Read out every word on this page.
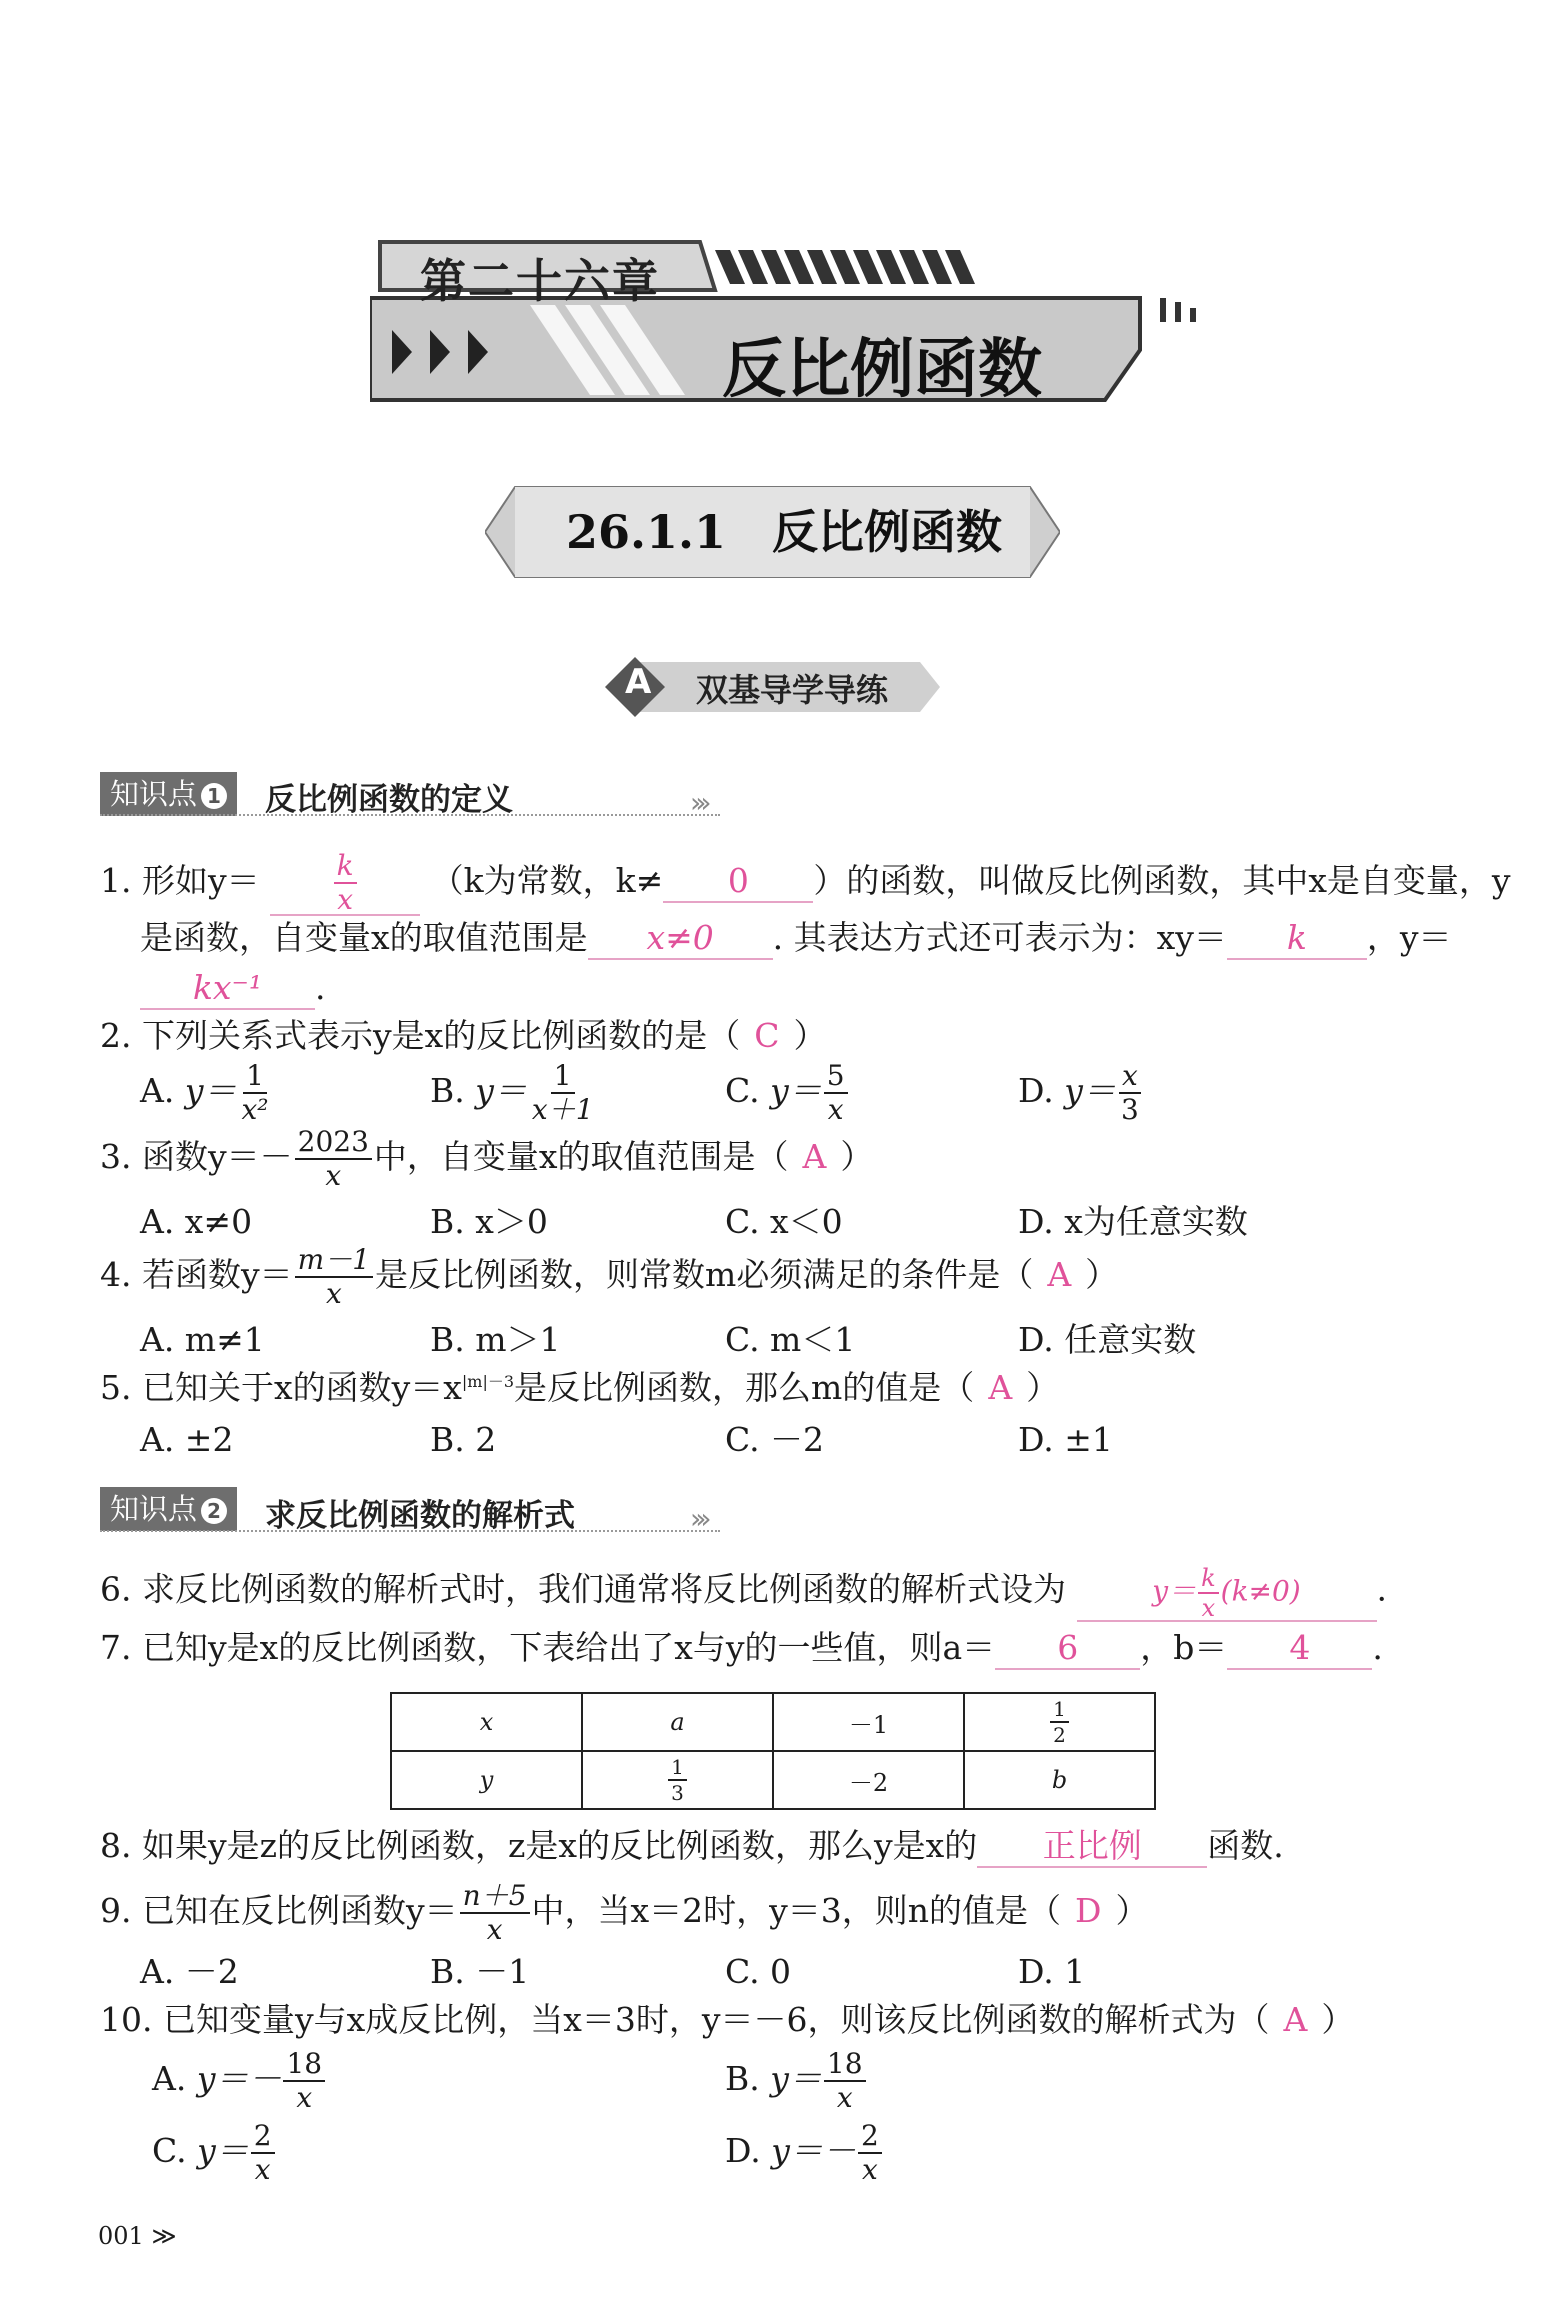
第二十六章
反比例函数
26.1.1　反比例函数
A 双基导学导练
知识点 1	反比例函数的定义	›››
1. 形如y＝	$\frac{k}{x} (k$为常数，k≠ 0 ）的函数，叫做反比例函数，其中x是自变量，y
是函数，自变量x的取值范围是 x≠0 . 其表达方式还可表示为：xy＝ k ，y＝
kx⁻¹ .
2. 下列关系式表示y是x的反比例函数的是（ C ）
A. $y= \frac{1}{\text{x²}}$	B. $y= \frac{1}{x+1}$	C. $y= \frac{5}{x}$	D. $y= \frac{x}{3}$
3. 函数$y=- \frac{2023}{x}$ 中，自变量x的取值范围是（ A ）
A. x≠0	B. x＞0	C. x＜0	D. x为任意实数
4. 若函数$y= \frac{m-1}{x}$ 是反比例函数，则常数m必须满足的条件是（ A ）
A. m≠1	B. m＞1	C. m＜1	D. 任意实数
5. 已知关于x的函数$y=x^{|m|-3}$是反比例函数，那么m的值是（ A ）
A. ±2	B. 2	C. －2	D. ±1
知识点 2	求反比例函数的解析式	›››
6. 求反比例函数的解析式时，我们通常将反比例函数的解析式设为	$y= \frac{k}{x} (k\ne 0)$ .
7. 已知y是x的反比例函数，下表给出了x与y的一些值，则a＝ 6 ，b＝ 4 .
x	a	－1	$\frac{1}{2}$

y	$\frac{1}{3}$	－2	b
8. 如果y是z的反比例函数，z是x的反比例函数，那么y是x的 正比例 函数.
9. 已知在反比例函数$y= \frac{n+5}{x}$ 中，当x＝2时，y＝3，则n的值是（ D ）
A. －2	B. －1	C. 0	D. 1
10. 已知变量y与x成反比例，当x＝3时，y＝－6，则该反比例函数的解析式为（ A ）
A. $y=- \frac{18}{x}$	B. $y= \frac{18}{x}$
C. $y= \frac{2}{x}$	D. $y=- \frac{2}{x}$
001 ≫
